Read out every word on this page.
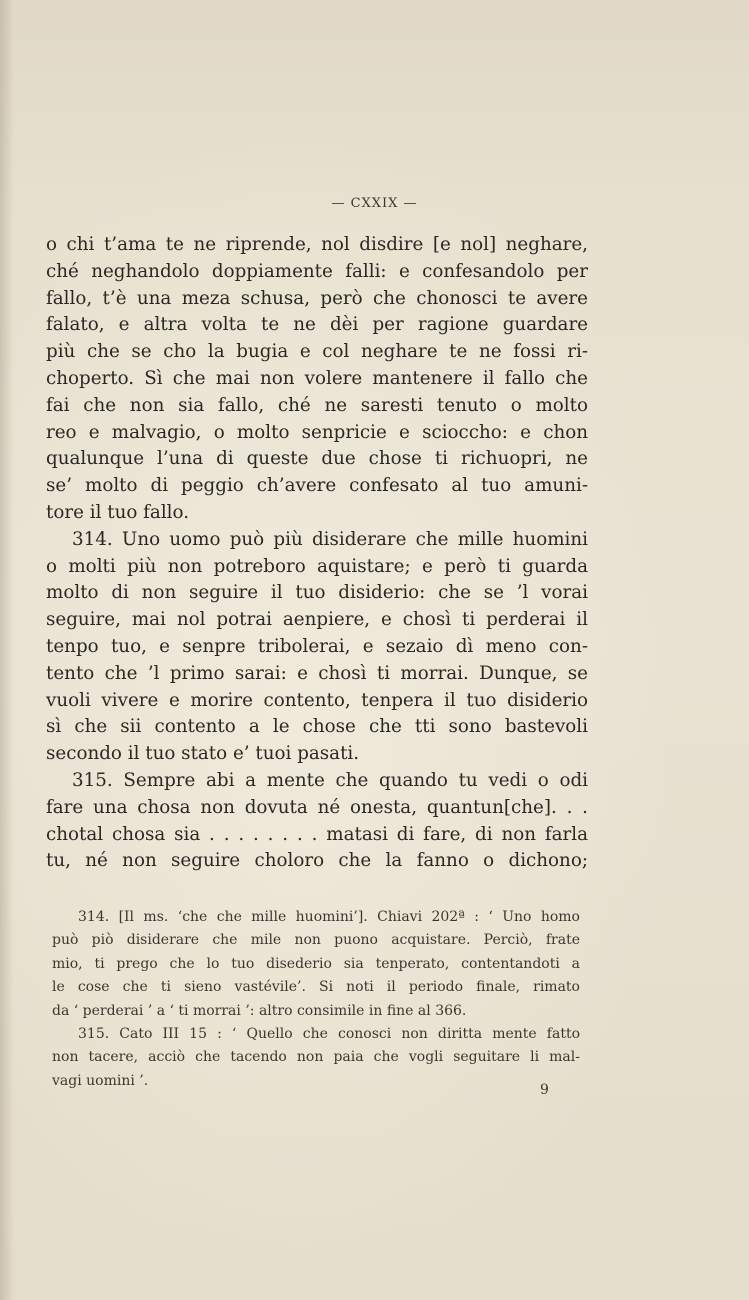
— CXXIX —
o chi t’ama te ne riprende, nol disdire [e nol] neghare,
ché neghandolo doppiamente falli: e confesandolo per
fallo, t’è una meza schusa, però che chonosci te avere
falato, e altra volta te ne dèi per ragione guardare
più che se cho la bugia e col neghare te ne fossi ri-
choperto. Sì che mai non volere mantenere il fallo che
fai che non sia fallo, ché ne saresti tenuto o molto
reo e malvagio, o molto senpricie e sciocchо: e chon
qualunque l’una di queste due chose ti richuopri, ne
se’ molto di peggio ch’avere confesato al tuo amuni-
tore il tuo fallo.
314. Uno uomo può più disiderare che mille huomini
o molti più non potreboro aquistare; e però ti guarda
molto di non seguire il tuo disiderio: che se ’l vorai
seguire, mai nol potrai aenpiere, e chosì ti perderai il
tenpo tuo, e senpre tribolerai, e sezaio dì meno con-
tento che ’l primo sarai: e chosì ti morrai. Dunque, se
vuoli vivere e morire contento, tenpera il tuo disiderio
sì che sii contento a le chose che tti sono bastevoli
secondo il tuo stato e’ tuoi pasati.
315. Sempre abi a mente che quando tu vedi o odi
fare una chosa non dovuta né onesta, quantun[che]. . .
chotal chosa sia . . . . . . . . matasi di fare, di non farla
tu, né non seguire choloro che la fanno o dichono;
314. [Il ms. ‘che che mille huomini’]. Chiavi 202ª : ‘ Uno homo
può piò disiderare che mile non puono acquistare. Perciò, frate
mio, ti prego che lo tuo disederio sia tenperato, contentandoti a
le cose che ti sieno vastévile’. Si noti il periodo finale, rimato
da ‘ perderai ’ a ‘ ti morrai ’: altro consimile in fine al 366.
315. Cato III 15 : ‘ Quello che conosci non diritta mente fatto
non tacere, acciò che tacendo non paia che vogli seguitare li mal-
vagi uomini ’.
9
